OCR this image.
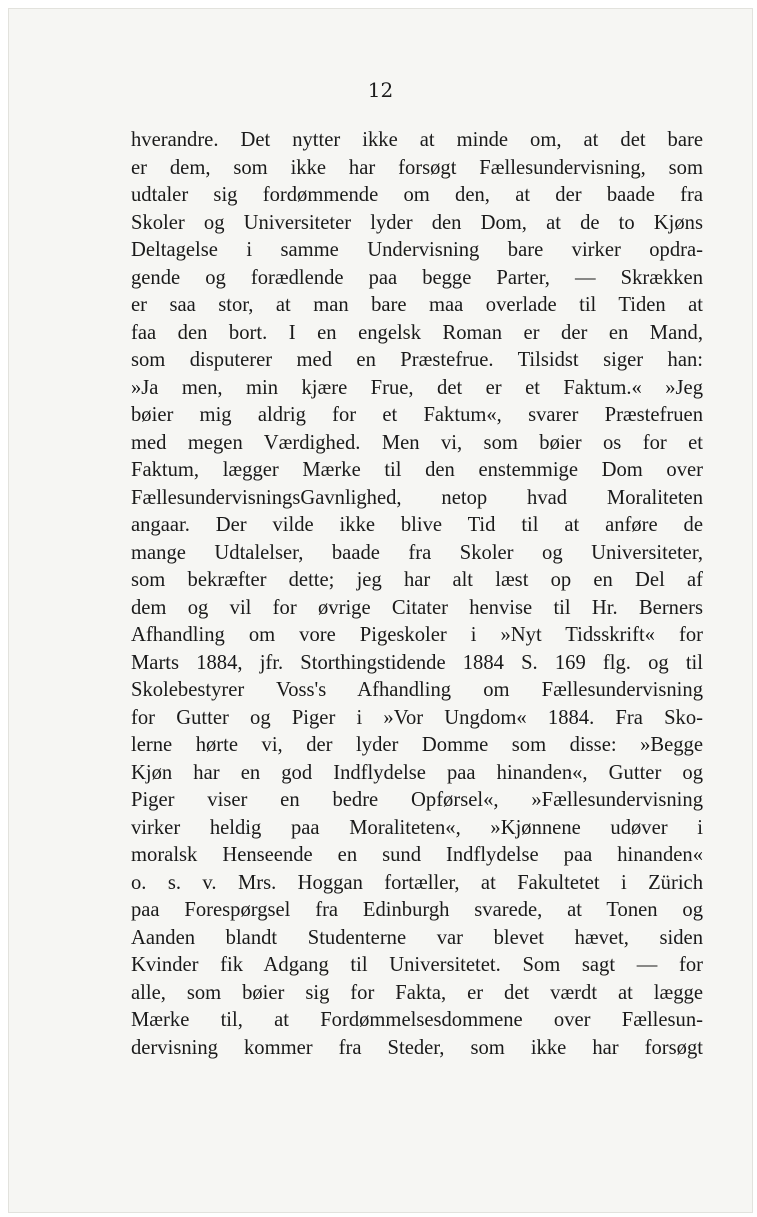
12

hverandre. Det nytter ikke at minde om, at det bare
er dem, som ikke har forsøgt Fællesundervisning, som
udtaler sig fordømmende om den, at der baade fra
Skoler og Universiteter lyder den Dom, at de to Kjøns
Deltagelse i samme Undervisning bare virker opdra-
gende og forædlende paa begge Parter, — Skrækken
er saa stor, at man bare maa overlade til Tiden at
faa den bort. I en engelsk Roman er der en Mand,
som disputerer med en Præstefrue. Tilsidst siger han:
»Ja men, min kjære Frue, det er et Faktum.« »Jeg
bøier mig aldrig for et Faktum«, svarer Præstefruen
med megen Værdighed. Men vi, som bøier os for et
Faktum, lægger Mærke til den enstemmige Dom over
FællesundervisningsGavnlighed, netop hvad Moraliteten
angaar. Der vilde ikke blive Tid til at anføre de
mange Udtalelser, baade fra Skoler og Universiteter,
som bekræfter dette; jeg har alt læst op en Del af
dem og vil for øvrige Citater henvise til Hr. Berners
Afhandling om vore Pigeskoler i »Nyt Tidsskrift« for
Marts 1884, jfr. Storthingstidende 1884 S. 169 flg. og til
Skolebestyrer Voss's Afhandling om Fællesundervisning
for Gutter og Piger i »Vor Ungdom« 1884. Fra Sko-
lerne hørte vi, der lyder Domme som disse: »Begge
Kjøn har en god Indflydelse paa hinanden«, Gutter og
Piger viser en bedre Opførsel«, »Fællesundervisning
virker heldig paa Moraliteten«, »Kjønnene udøver i
moralsk Henseende en sund Indflydelse paa hinanden«
o. s. v. Mrs. Hoggan fortæller, at Fakultetet i Zürich
paa Forespørgsel fra Edinburgh svarede, at Tonen og
Aanden blandt Studenterne var blevet hævet, siden
Kvinder fik Adgang til Universitetet. Som sagt — for
alle, som bøier sig for Fakta, er det værdt at lægge
Mærke til, at Fordømmelsesdommene over Fællesun-
dervisning kommer fra Steder, som ikke har forsøgt
